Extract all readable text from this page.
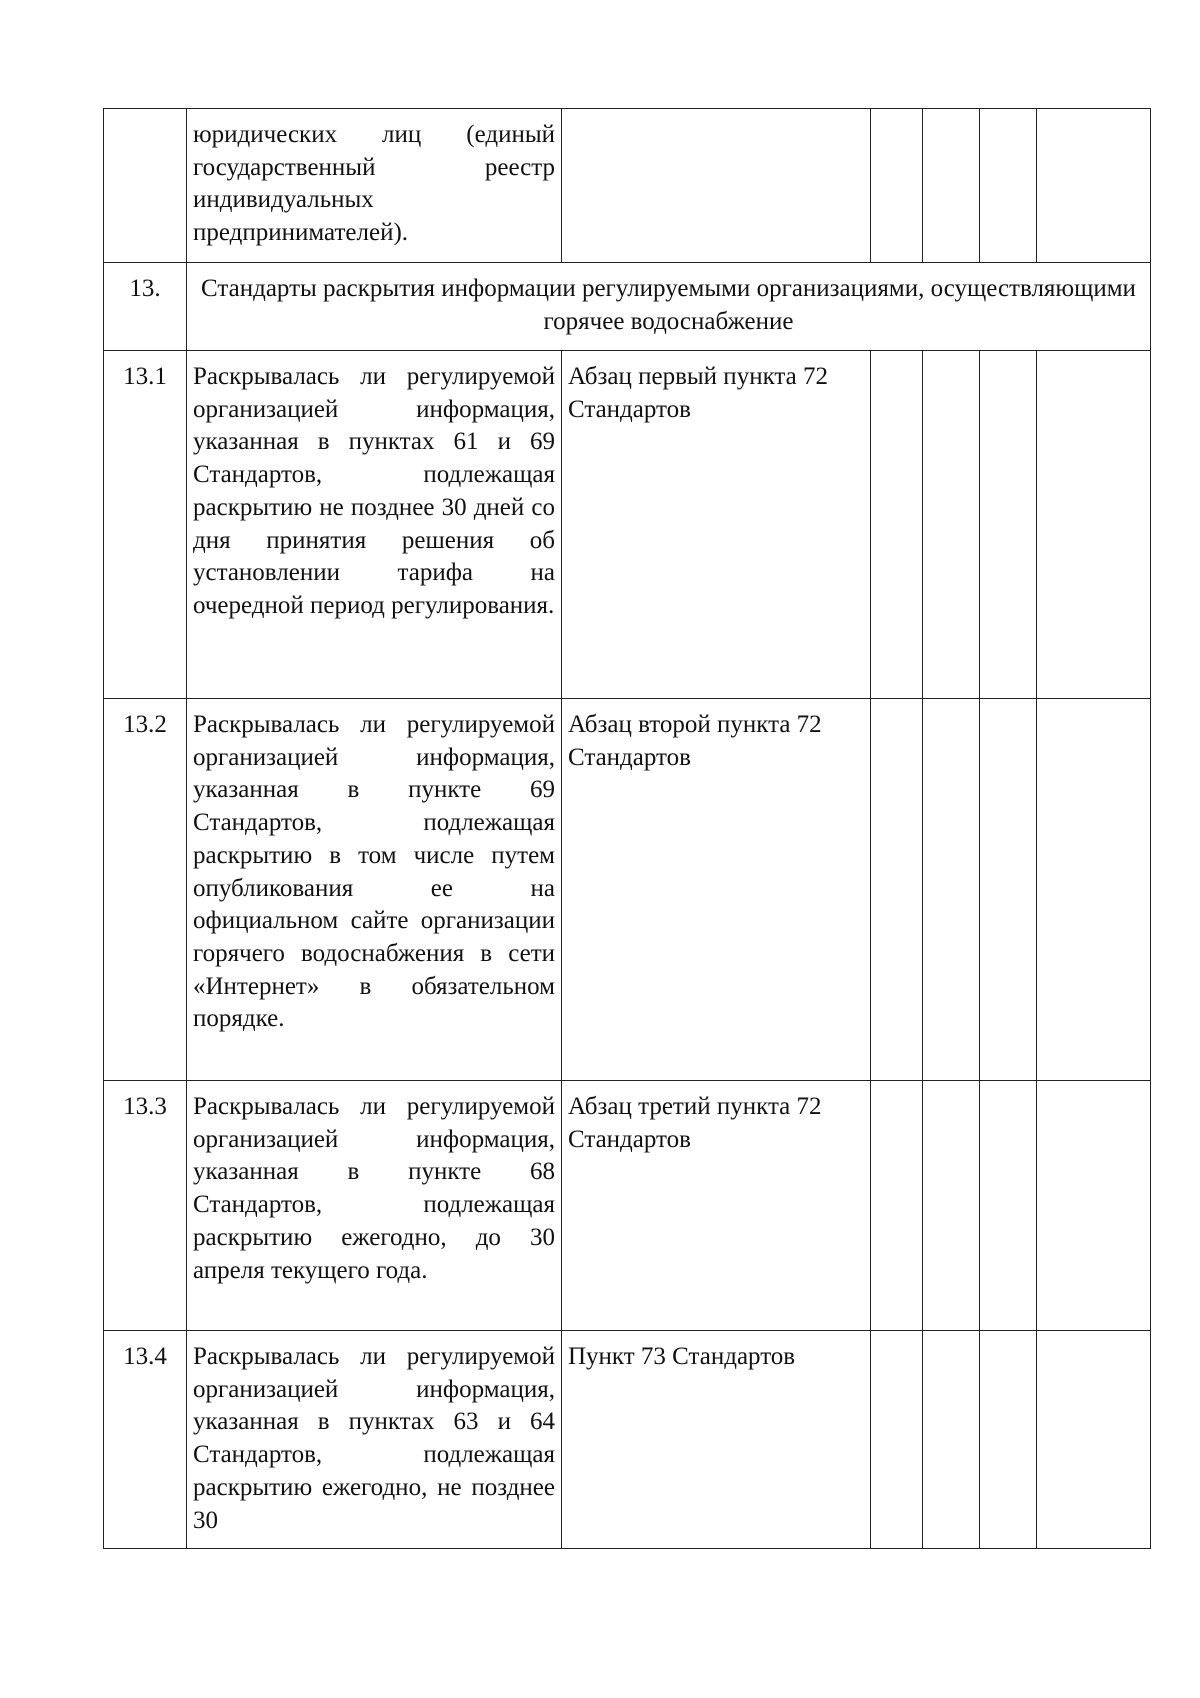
	юридических лиц (единый государственный реестр индивидуальных предпринимателей).					
13.	Стандарты раскрытия информации регулируемыми организациями, осуществляющими горячее водоснабжение					
13.1	Раскрывалась ли регулируемой организацией информация, указанная в пунктах 61 и 69 Стандартов, подлежащая раскрытию не позднее 30 дней со дня принятия решения об установлении тарифа на очередной период регулирования.	Абзац первый пункта 72 Стандартов				
13.2	Раскрывалась ли регулируемой организацией информация, указанная в пункте 69 Стандартов, подлежащая раскрытию в том числе путем опубликования ее на официальном сайте организации горячего водоснабжения в сети «Интернет» в обязательном порядке.	Абзац второй пункта 72 Стандартов				
13.3	Раскрывалась ли регулируемой организацией информация, указанная в пункте 68 Стандартов, подлежащая раскрытию ежегодно, до 30 апреля текущего года.	Абзац третий пункта 72 Стандартов				
13.4	Раскрывалась ли регулируемой организацией информация, указанная в пунктах 63 и 64 Стандартов, подлежащая раскрытию ежегодно, не позднее 30	Пункт 73 Стандартов				
